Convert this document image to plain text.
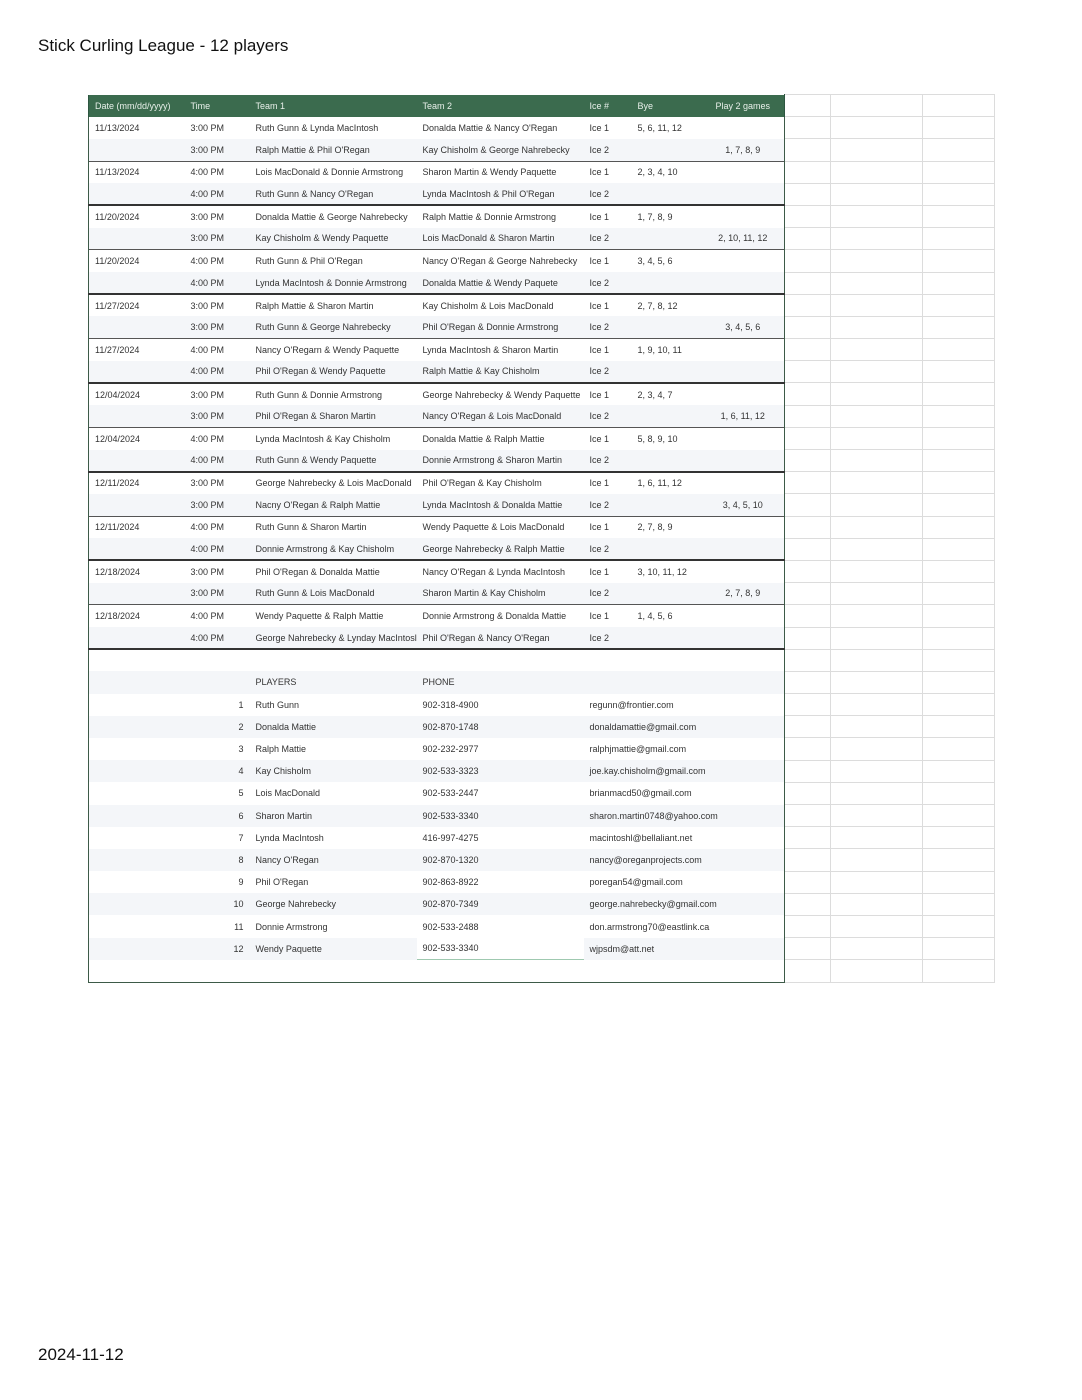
Stick Curling League - 12 players
Date (mm/dd/yyyy)	Time	Team 1	Team 2	Ice #	Bye	Play 2 games			
11/13/2024	3:00 PM	Ruth Gunn & Lynda MacIntosh	Donalda Mattie & Nancy O'Regan	Ice 1	5, 6, 11, 12				
	3:00 PM	Ralph Mattie & Phil O'Regan	Kay Chisholm & George Nahrebecky	Ice 2		1, 7, 8, 9			
11/13/2024	4:00 PM	Lois MacDonald & Donnie Armstrong	Sharon Martin & Wendy Paquette	Ice 1	2, 3, 4, 10				
	4:00 PM	Ruth Gunn & Nancy O'Regan	Lynda MacIntosh & Phil O'Regan	Ice 2					
11/20/2024	3:00 PM	Donalda Mattie & George Nahrebecky	Ralph Mattie & Donnie Armstrong	Ice 1	1, 7, 8, 9				
	3:00 PM	Kay Chisholm & Wendy Paquette	Lois MacDonald & Sharon Martin	Ice 2		2, 10, 11, 12			
11/20/2024	4:00 PM	Ruth Gunn & Phil O'Regan	Nancy O'Regan & George Nahrebecky	Ice 1	3, 4, 5, 6				
	4:00 PM	Lynda MacIntosh & Donnie Armstrong	Donalda Mattie & Wendy Paquete	Ice 2					
11/27/2024	3:00 PM	Ralph Mattie & Sharon Martin	Kay Chisholm & Lois MacDonald	Ice 1	2, 7, 8, 12				
	3:00 PM	Ruth Gunn & George Nahrebecky	Phil O'Regan & Donnie Armstrong	Ice 2		3, 4, 5, 6			
11/27/2024	4:00 PM	Nancy O'Regarn & Wendy Paquette	Lynda MacIntosh & Sharon Martin	Ice 1	1, 9, 10, 11				
	4:00 PM	Phil O'Regan & Wendy Paquette	Ralph Mattie & Kay Chisholm	Ice 2					
12/04/2024	3:00 PM	Ruth Gunn & Donnie Armstrong	George Nahrebecky & Wendy Paquette	Ice 1	2, 3, 4, 7				
	3:00 PM	Phil O'Regan & Sharon Martin	Nancy O'Regan & Lois MacDonald	Ice 2		1, 6, 11, 12			
12/04/2024	4:00 PM	Lynda MacIntosh & Kay Chisholm	Donalda Mattie & Ralph Mattie	Ice 1	5, 8, 9, 10				
	4:00 PM	Ruth Gunn & Wendy Paquette	Donnie Armstrong & Sharon Martin	Ice 2					
12/11/2024	3:00 PM	George Nahrebecky & Lois MacDonald	Phil O'Regan & Kay Chisholm	Ice 1	1, 6, 11, 12				
	3:00 PM	Nacny O'Regan & Ralph Mattie	Lynda MacIntosh & Donalda Mattie	Ice 2		3, 4, 5, 10			
12/11/2024	4:00 PM	Ruth Gunn & Sharon Martin	Wendy Paquette & Lois MacDonald	Ice 1	2, 7, 8, 9				
	4:00 PM	Donnie Armstrong & Kay Chisholm	George Nahrebecky & Ralph Mattie	Ice 2					
12/18/2024	3:00 PM	Phil O'Regan & Donalda Mattie	Nancy O'Regan & Lynda MacIntosh	Ice 1	3, 10, 11, 12				
	3:00 PM	Ruth Gunn & Lois MacDonald	Sharon Martin & Kay Chisholm	Ice 2		2, 7, 8, 9			
12/18/2024	4:00 PM	Wendy Paquette & Ralph Mattie	Donnie Armstrong & Donalda Mattie	Ice 1	1, 4, 5, 6				
	4:00 PM	George Nahrebecky & Lynday MacIntosl	Phil O'Regan & Nancy O'Regan	Ice 2					

		PLAYERS	PHONE						
	1	Ruth Gunn	902-318-4900	regunn@frontier.com					
	2	Donalda Mattie	902-870-1748	donaldamattie@gmail.com					
	3	Ralph Mattie	902-232-2977	ralphjmattie@gmail.com					
	4	Kay Chisholm	902-533-3323	joe.kay.chisholm@gmail.com					
	5	Lois MacDonald	902-533-2447	brianmacd50@gmail.com					
	6	Sharon Martin	902-533-3340	sharon.martin0748@yahoo.com					
	7	Lynda MacIntosh	416-997-4275	macintoshl@bellaliant.net					
	8	Nancy O'Regan	902-870-1320	nancy@oreganprojects.com					
	9	Phil O'Regan	902-863-8922	poregan54@gmail.com					
	10	George Nahrebecky	902-870-7349	george.nahrebecky@gmail.com					
	11	Donnie Armstrong	902-533-2488	don.armstrong70@eastlink.ca					
	12	Wendy Paquette	902-533-3340	wjpsdm@att.net					

2024-11-12
